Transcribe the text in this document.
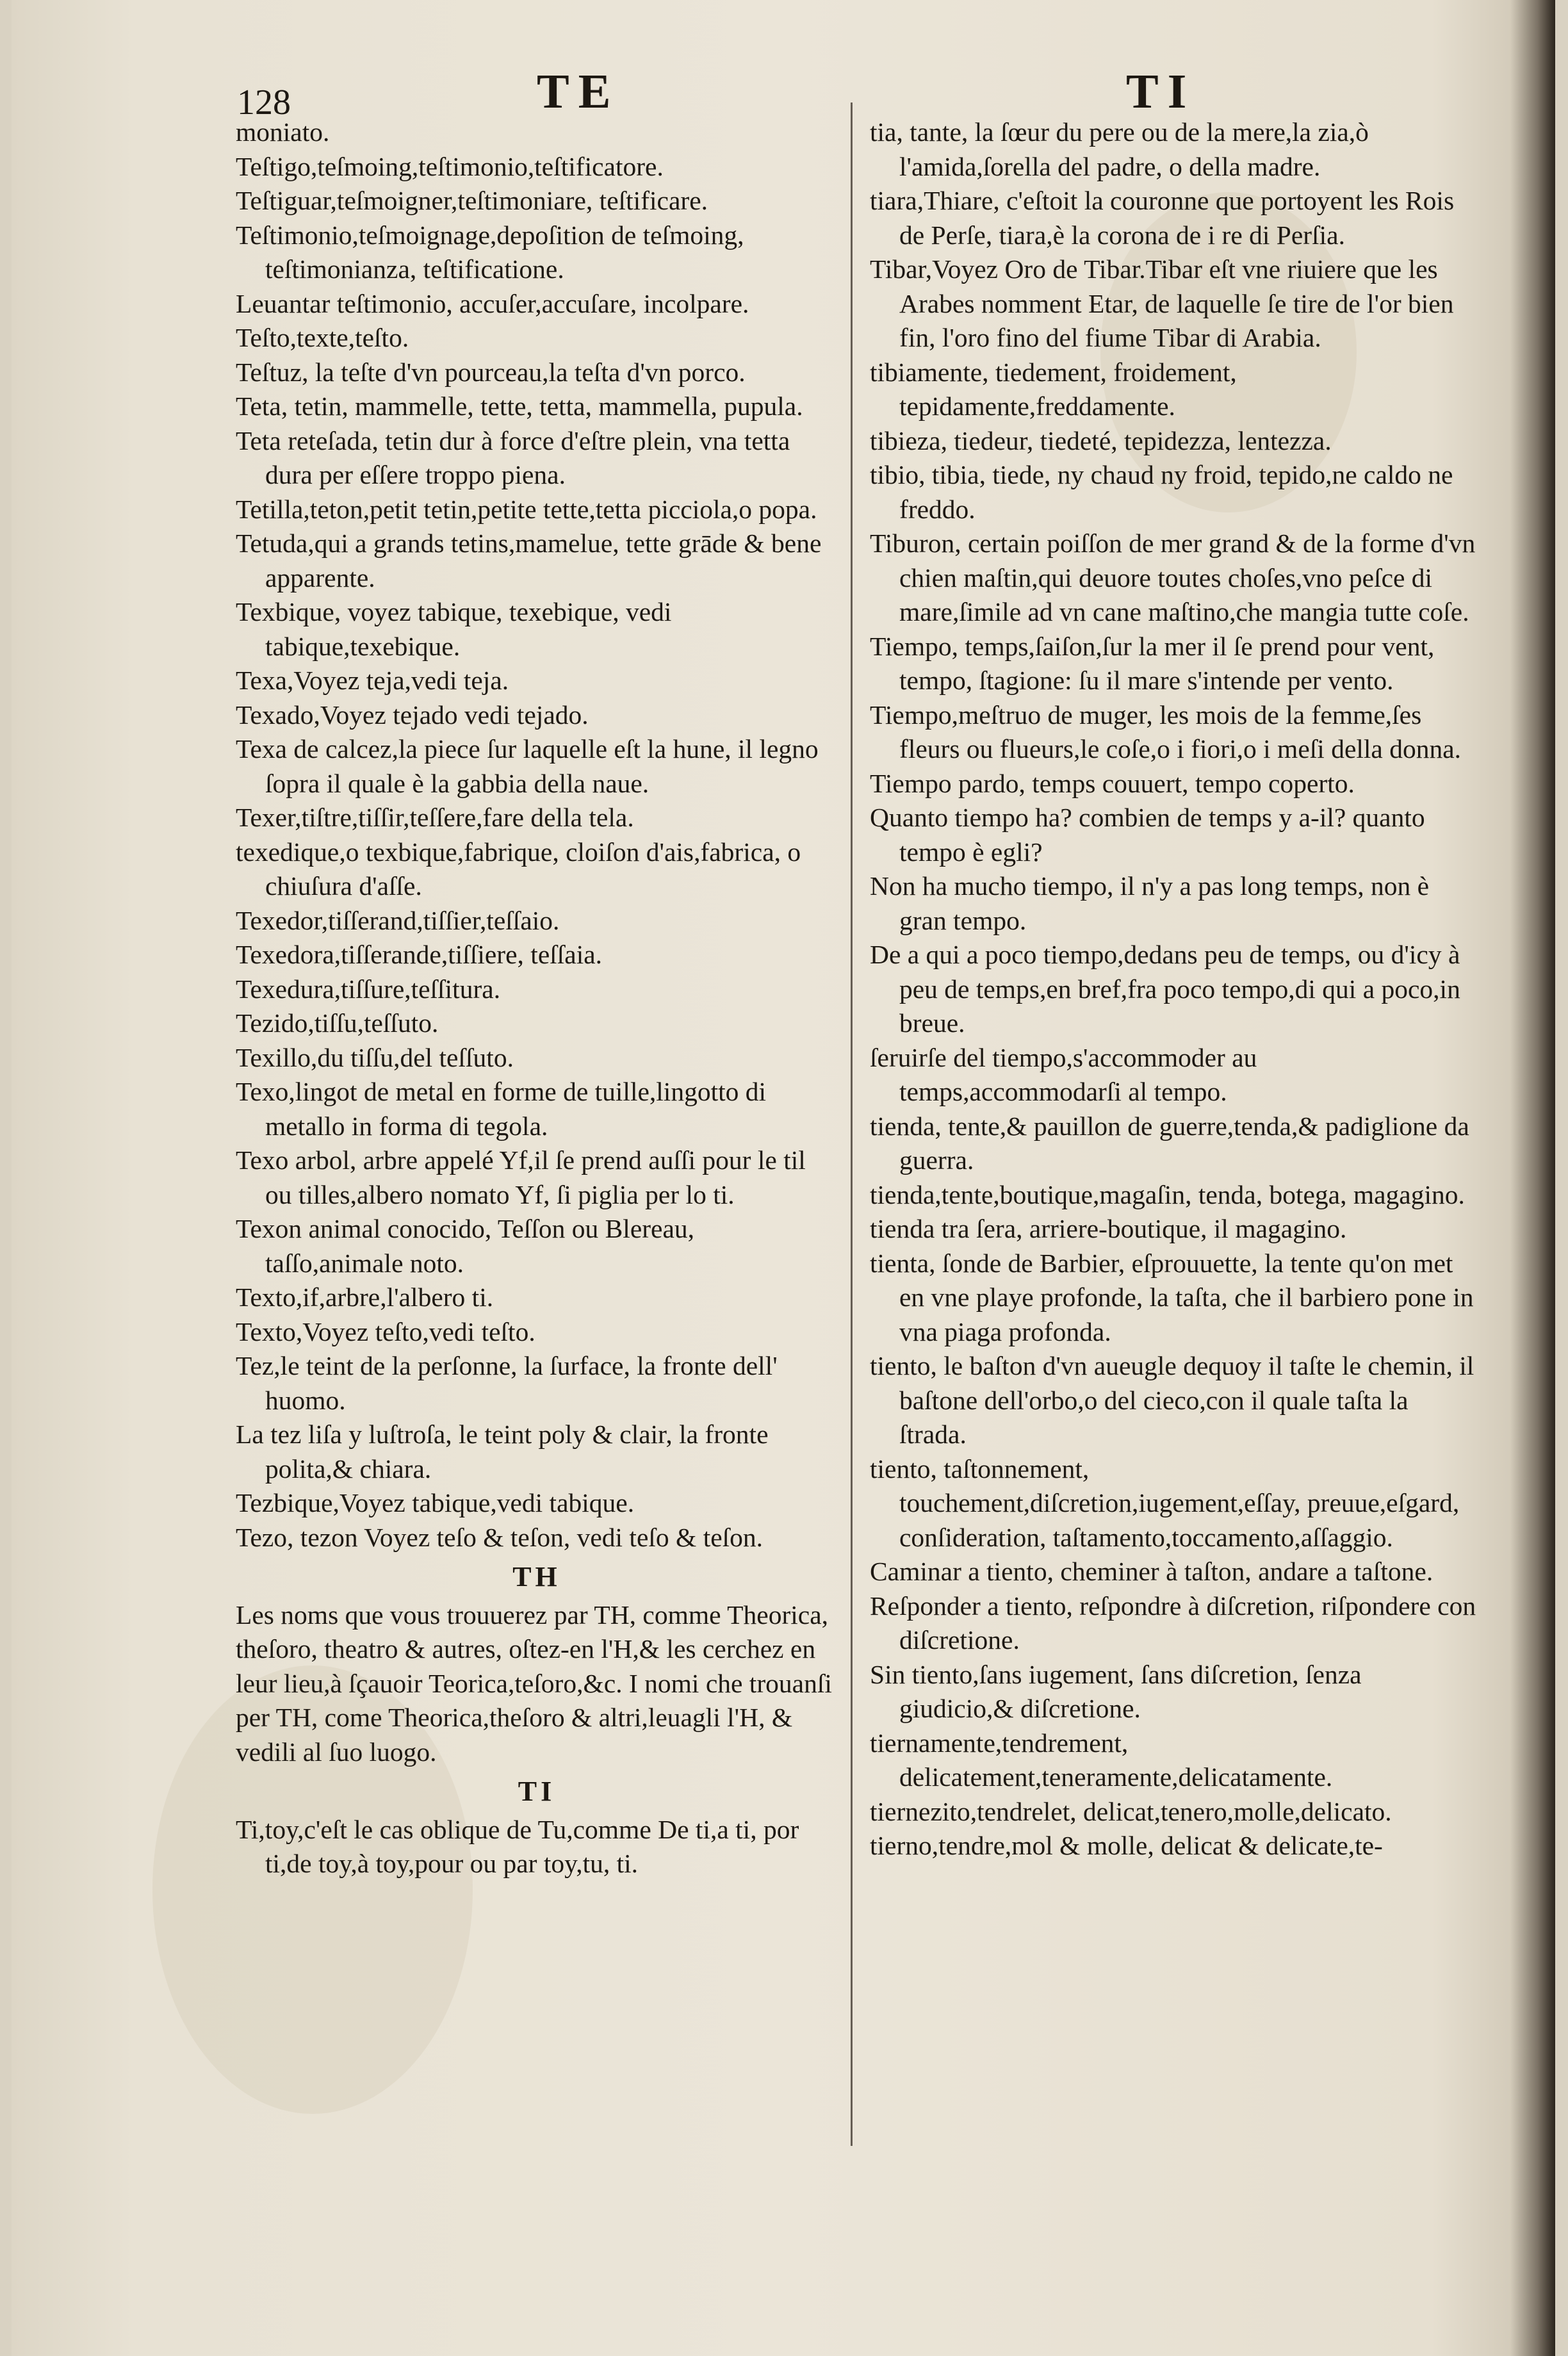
128	TE	TI

moniato.

Teſtigo,teſmoing,teſtimonio,teſtificatore.

Teſtiguar,teſmoigner,teſtimoniare, teſtificare.

Teſtimonio,teſmoignage,depoſition de teſmoing, teſtimonianza, teſtificatione.

Leuantar teſtimonio, accuſer,accuſare, incolpare.

Teſto,texte,teſto.

Teſtuz, la teſte d'vn pourceau,la teſta d'vn porco.

Teta, tetin, mammelle, tette, tetta, mammella, pupula.

Teta reteſada, tetin dur à force d'eſtre plein, vna tetta dura per eſſere troppo piena.

Tetilla,teton,petit tetin,petite tette,tetta picciola,o popa.

Tetuda,qui a grands tetins,mamelue, tette grāde & bene apparente.

Texbique, voyez tabique, texebique, vedi tabique,texebique.

Texa,Voyez teja,vedi teja.

Texado,Voyez tejado vedi tejado.

Texa de calcez,la piece ſur laquelle eſt la hune, il legno ſopra il quale è la gabbia della naue.

Texer,tiſtre,tiſſir,teſſere,fare della tela.

texedique,o texbique,fabrique, cloiſon d'ais,fabrica, o chiuſura d'aſſe.

Texedor,tiſſerand,tiſſier,teſſaio.

Texedora,tiſſerande,tiſſiere, teſſaia.

Texedura,tiſſure,teſſitura.

Tezido,tiſſu,teſſuto.

Texillo,du tiſſu,del teſſuto.

Texo,lingot de metal en forme de tuille,lingotto di metallo in forma di tegola.

Texo arbol, arbre appelé Yf,il ſe prend auſſi pour le til ou tilles,albero nomato Yf, ſi piglia per lo ti.

Texon animal conocido, Teſſon ou Blereau, taſſo,animale noto.

Texto,if,arbre,l'albero ti.

Texto,Voyez teſto,vedi teſto.

Tez,le teint de la perſonne, la ſurface, la fronte dell' huomo.

La tez liſa y luſtroſa, le teint poly & clair, la fronte polita,& chiara.

Tezbique,Voyez tabique,vedi tabique.

Tezo, tezon Voyez teſo & teſon, vedi teſo & teſon.

TH

Les noms que vous trouuerez par TH, comme Theorica, theſoro, theatro & autres, oſtez-en l'H,& les cerchez en leur lieu,à ſçauoir Teorica,teſoro,&c. I nomi che trouanſi per TH, come Theorica,theſoro & altri,leuagli l'H, & vedili al ſuo luogo.

TI

Ti,toy,c'eſt le cas oblique de Tu,comme De ti,a ti, por ti,de toy,à toy,pour ou par toy,tu, ti.

tia, tante, la ſœur du pere ou de la mere,la zia,ò l'amida,ſorella del padre, o della madre.

tiara,Thiare, c'eſtoit la couronne que portoyent les Rois de Perſe, tiara,è la corona de i re di Perſia.

Tibar,Voyez Oro de Tibar.Tibar eſt vne riuiere que les Arabes nomment Etar, de laquelle ſe tire de l'or bien fin, l'oro fino del fiume Tibar di Arabia.

tibiamente, tiedement, froidement, tepidamente,freddamente.

tibieza, tiedeur, tiedeté, tepidezza, lentezza.

tibio, tibia, tiede, ny chaud ny froid, tepido,ne caldo ne freddo.

Tiburon, certain poiſſon de mer grand & de la forme d'vn chien maſtin,qui deuore toutes choſes,vno peſce di mare,ſimile ad vn cane maſtino,che mangia tutte coſe.

Tiempo, temps,ſaiſon,ſur la mer il ſe prend pour vent, tempo, ſtagione: ſu il mare s'intende per vento.

Tiempo,meſtruo de muger, les mois de la femme,ſes fleurs ou flueurs,le coſe,o i fiori,o i meſi della donna.

Tiempo pardo, temps couuert, tempo coperto.

Quanto tiempo ha? combien de temps y a-il? quanto tempo è egli?

Non ha mucho tiempo, il n'y a pas long temps, non è gran tempo.

De a qui a poco tiempo,dedans peu de temps, ou d'icy à peu de temps,en bref,fra poco tempo,di qui a poco,in breue.

ſeruirſe del tiempo,s'accommoder au temps,accommodarſi al tempo.

tienda, tente,& pauillon de guerre,tenda,& padiglione da guerra.

tienda,tente,boutique,magaſin, tenda, botega, magagino.

tienda tra ſera, arriere-boutique, il magagino.

tienta, ſonde de Barbier, eſprouuette, la tente qu'on met en vne playe profonde, la taſta, che il barbiero pone in vna piaga profonda.

tiento, le baſton d'vn aueugle dequoy il taſte le chemin, il baſtone dell'orbo,o del cieco,con il quale taſta la ſtrada.

tiento, taſtonnement, touchement,diſcretion,iugement,eſſay, preuue,eſgard, conſideration, taſtamento,toccamento,aſſaggio.

Caminar a tiento, cheminer à taſton, andare a taſtone.

Reſponder a tiento, reſpondre à diſcretion, riſpondere con diſcretione.

Sin tiento,ſans iugement, ſans diſcretion, ſenza giudicio,& diſcretione.

tiernamente,tendrement, delicatement,teneramente,delicatamente.

tiernezito,tendrelet, delicat,tenero,molle,delicato.

tierno,tendre,mol & molle, delicat & delicate,te-
